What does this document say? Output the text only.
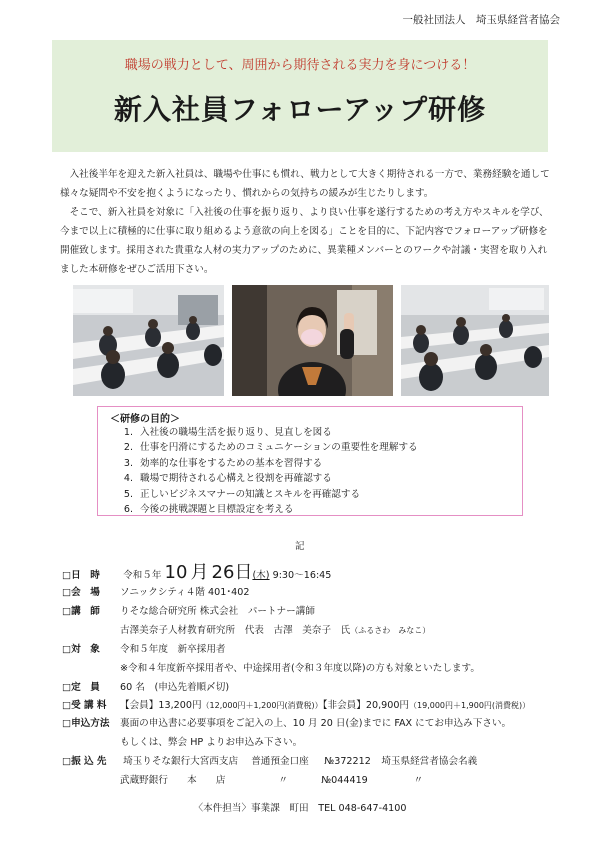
一般社団法人　埼玉県経営者協会
職場の戦力として、周囲から期待される実力を身につける！
新入社員フォローアップ研修

入社後半年を迎えた新入社員は、職場や仕事にも慣れ、戦力として大きく期待される一方で、業務経験を通して様々な疑問や不安を抱くようになったり、慣れからの気持ちの緩みが生じたりします。

そこで、新入社員を対象に「入社後の仕事を振り返り、より良い仕事を遂行するための考え方やスキルを学び、今まで以上に積極的に仕事に取り組めるよう意欲の向上を図る」ことを目的に、下記内容でフォローアップ研修を開催致します。採用された貴重な人材の実力アップのために、異業種メンバーとのワークや討議・実習を取り入れました本研修をぜひご活用下さい。

＜研修の目的＞
1. 入社後の職場生活を振り返り、見直しを図る
2. 仕事を円滑にするためのコミュニケーションの重要性を理解する
3. 効率的な仕事をするための基本を習得する
4. 職場で期待される心構えと役割を再確認する
5. 正しいビジネスマナーの知識とスキルを再確認する
6. 今後の挑戦課題と目標設定を考える
記
□日　時 令和５年 10 月 26日(木) 9:30～16:45
□会　場 ソニックシティ４階 401･402
□講　師 りそな総合研究所 株式会社　パートナー講師
古澤美奈子人材教育研究所　代表　古澤　美奈子　氏（ふるさわ　みなこ）
□対　象 令和５年度　新卒採用者
※令和４年度新卒採用者や、中途採用者(令和３年度以降)の方も対象といたします。
□定　員 60 名　(申込先着順〆切)
□受 講 料 【会員】13,200円（12,000円＋1,200円(消費税)）【非会員】20,900円（19,000円＋1,900円(消費税)）
□申込方法 裏面の申込書に必要事項をご記入の上、10 月 20 日(金)までに FAX にてお申込み下さい。
もしくは、弊会 HP よりお申込み下さい。
□振 込 先 埼玉りそな銀行 大宮西支店 普通預金口座 №372212 埼玉県経営者協会名義
武蔵野銀行 本　　店	〃	№044419	〃
〈本件担当〉事業課　町田　TEL 048-647-4100
